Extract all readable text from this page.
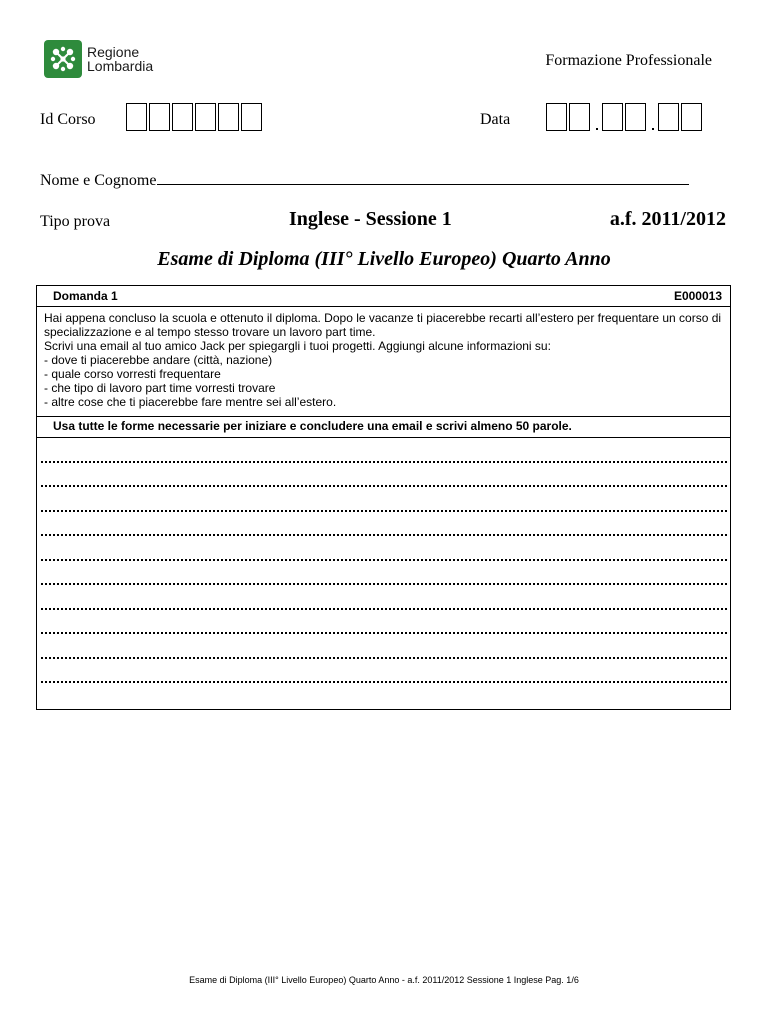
Regione
Lombardia	Formazione Professionale
Id Corso	Data
Nome e Cognome
Tipo prova	Inglese - Sessione 1	a.f. 2011/2012
Esame di Diploma (III° Livello Europeo) Quarto Anno
Domanda 1	E000013

Hai appena concluso la scuola e ottenuto il diploma. Dopo le vacanze ti piacerebbe recarti all’estero per frequentare un corso di specializzazione e al tempo stesso trovare un lavoro part time.

Scrivi una email al tuo amico Jack per spiegargli i tuoi progetti. Aggiungi alcune informazioni su:

- dove ti piacerebbe andare (città, nazione)
- quale corso vorresti frequentare
- che tipo di lavoro part time vorresti trovare
- altre cose che ti piacerebbe fare mentre sei all’estero.
Usa tutte le forme necessarie per iniziare e concludere una email e scrivi almeno 50 parole.
Esame di Diploma (III° Livello Europeo) Quarto Anno - a.f. 2011/2012 Sessione 1 Inglese Pag. 1/6
